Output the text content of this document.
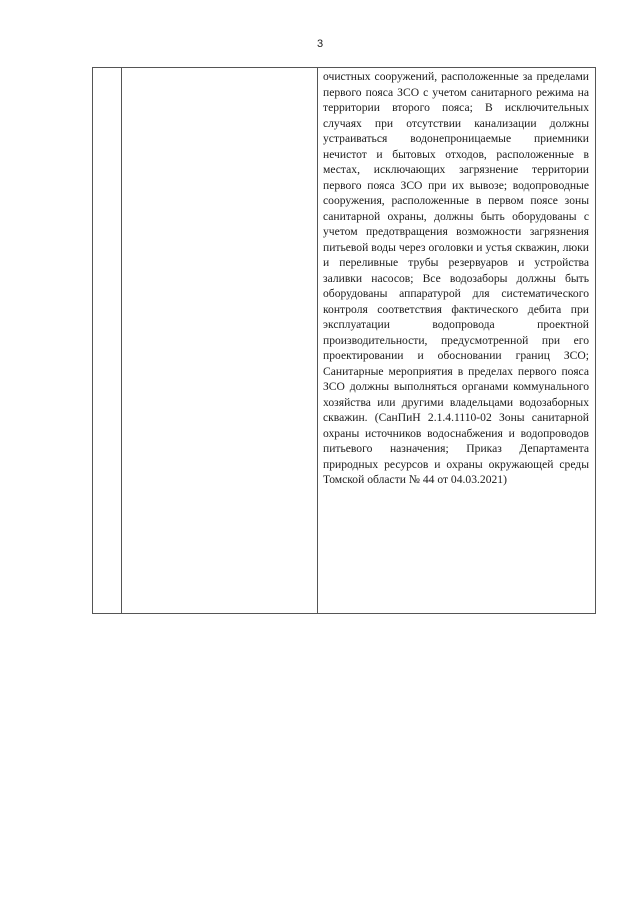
3

очистных сооружений, расположенные за пределами первого пояса ЗСО с учетом санитарного режима на территории второго пояса; В исключительных случаях при отсутствии канализации должны устраиваться водонепроницаемые приемники нечистот и бытовых отходов, расположенные в местах, исключающих загрязнение территории первого пояса ЗСО при их вывозе; водопроводные сооружения, расположенные в первом поясе зоны санитарной охраны, должны быть оборудованы с учетом предотвращения возможности загрязнения питьевой воды через оголовки и устья скважин, люки и переливные трубы резервуаров и устройства заливки насосов; Все водозаборы должны быть оборудованы аппаратурой для систематического контроля соответствия фактического дебита при эксплуатации водопровода проектной производительности, предусмотренной при его проектировании и обосновании границ ЗСО; Санитарные мероприятия в пределах первого пояса ЗСО должны выполняться органами коммунального хозяйства или другими владельцами водозаборных скважин. (СанПиН 2.1.4.1110-02 Зоны санитарной охраны источников водоснабжения и водопроводов питьевого назначения; Приказ Департамента природных ресурсов и охраны окружающей среды Томской области № 44 от 04.03.2021)
